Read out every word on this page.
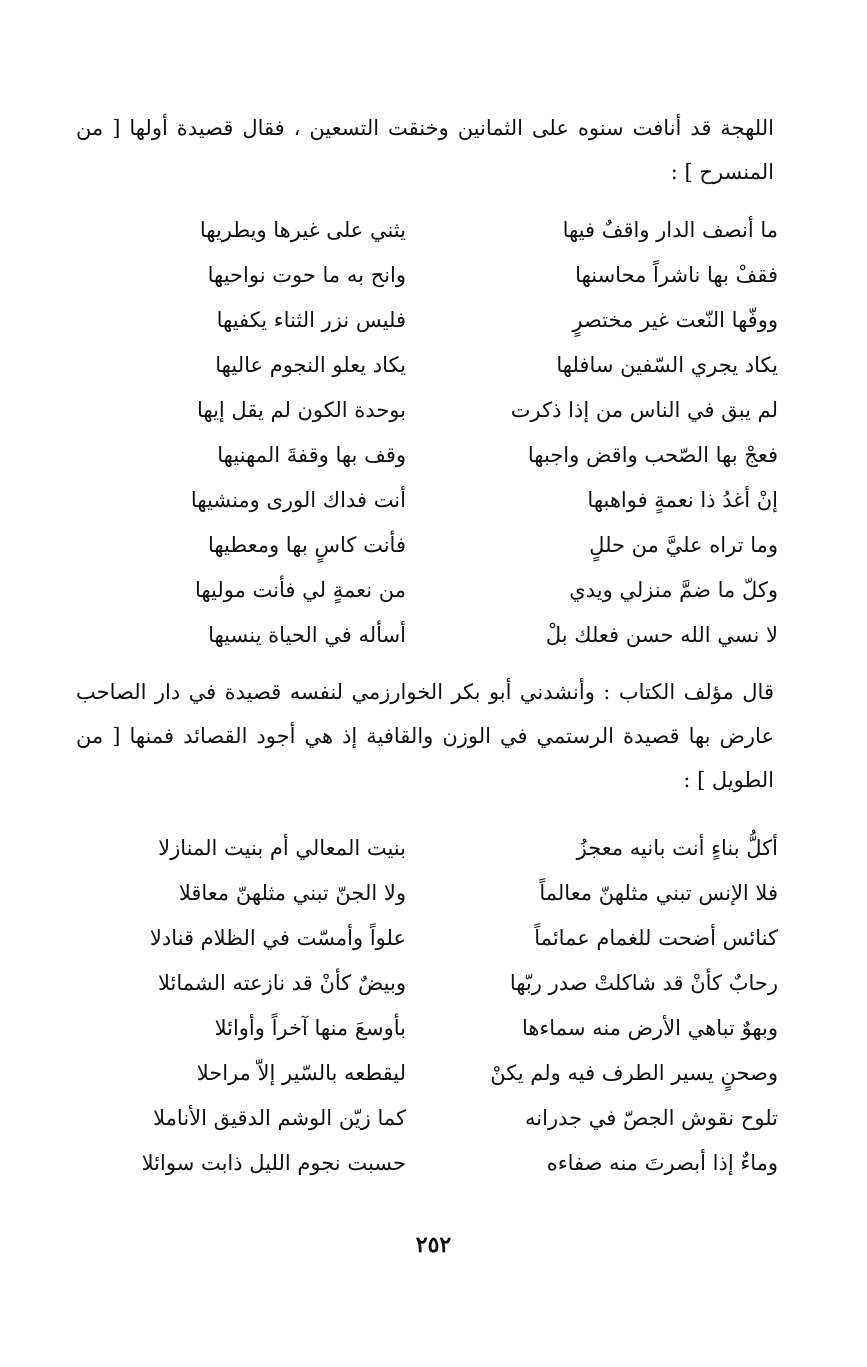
اللهجة قد أنافت سنوه على الثمانين وخنقت التسعين ، فقال قصيدة أولها [ من المنسرح ] :

ما أنصف الدار واقفٌ فيها
يثني على غيرها ويطريها
فقفْ بها ناشراً محاسنها
وانح به ما حوت نواحيها
ووفّها النّعت غير مختصرٍ
فليس نزر الثناء يكفيها
يكاد يجري السّفين سافلها
يكاد يعلو النجوم عاليها
لم يبق في الناس من إذا ذكرت
بوحدة الكون لم يقل إيها
فعجْ بها الصّحب واقض واجبها
وقف بها وقفةَ المهنيها
إنْ أغدُ ذا نعمةٍ فواهبها
أنت فداك الورى ومنشيها
وما تراه عليَّ من حللٍ
فأنت كاسٍ بها ومعطيها
وكلّ ما ضمَّ منزلي ويدي
من نعمةٍ لي فأنت موليها
لا نسي الله حسن فعلك بلْ
أسأله في الحياة ينسيها

قال مؤلف الكتاب : وأنشدني أبو بكر الخوارزمي لنفسه قصيدة في دار الصاحب عارض بها قصيدة الرستمي في الوزن والقافية إذ هي أجود القصائد فمنها [ من الطويل ] :

أكلُّ بناءٍ أنت بانيه معجزُ
بنيت المعالي أم بنيت المنازلا
فلا الإنس تبني مثلهنّ معالماً
ولا الجنّ تبني مثلهنّ معاقلا
كنائس أضحت للغمام عمائماً
علواً وأمسّت في الظلام قنادلا
رحابٌ كأنْ قد شاكلتْ صدر ربّها
وبيضٌ كأنْ قد نازعته الشمائلا
وبهوٌ تباهي الأرض منه سماءها
بأوسعَ منها آخراً وأوائلا
وصحنٍ يسير الطرف فيه ولم يكنْ
ليقطعه بالسّير إلاّ مراحلا
تلوح نقوش الجصّ في جدرانه
كما زيّن الوشم الدقيق الأناملا
وماءٌ إذا أبصرتَ منه صفاءه
حسبت نجوم الليل ذابت سوائلا
٢٥٢
